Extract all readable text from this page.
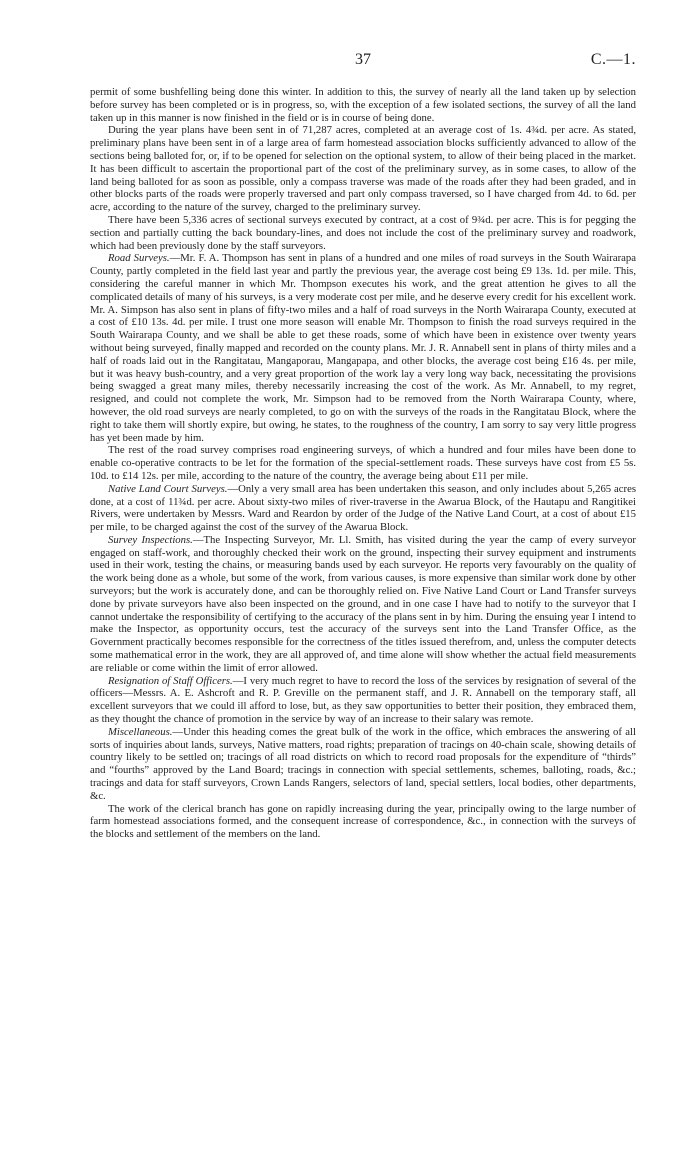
37	C.—1.

permit of some bushfelling being done this winter. In addition to this, the survey of nearly all the land taken up by selection before survey has been completed or is in progress, so, with the exception of a few isolated sections, the survey of all the land taken up in this manner is now finished in the field or is in course of being done.

During the year plans have been sent in of 71,287 acres, completed at an average cost of 1s. 4¾d. per acre. As stated, preliminary plans have been sent in of a large area of farm homestead association blocks sufficiently advanced to allow of the sections being balloted for, or, if to be opened for selection on the optional system, to allow of their being placed in the market. It has been difficult to ascertain the proportional part of the cost of the preliminary survey, as in some cases, to allow of the land being balloted for as soon as possible, only a compass traverse was made of the roads after they had been graded, and in other blocks parts of the roads were properly traversed and part only compass traversed, so I have charged from 4d. to 6d. per acre, according to the nature of the survey, charged to the preliminary survey.

There have been 5,336 acres of sectional surveys executed by contract, at a cost of 9¾d. per acre. This is for pegging the section and partially cutting the back boundary-lines, and does not include the cost of the preliminary survey and roadwork, which had been previously done by the staff surveyors.

Road Surveys.—Mr. F. A. Thompson has sent in plans of a hundred and one miles of road surveys in the South Wairarapa County, partly completed in the field last year and partly the previous year, the average cost being £9 13s. 1d. per mile. This, considering the careful manner in which Mr. Thompson executes his work, and the great attention he gives to all the complicated details of many of his surveys, is a very moderate cost per mile, and he deserve every credit for his excellent work. Mr. A. Simpson has also sent in plans of fifty-two miles and a half of road surveys in the North Wairarapa County, executed at a cost of £10 13s. 4d. per mile. I trust one more season will enable Mr. Thompson to finish the road surveys required in the South Wairarapa County, and we shall be able to get these roads, some of which have been in existence over twenty years without being surveyed, finally mapped and recorded on the county plans. Mr. J. R. Annabell sent in plans of thirty miles and a half of roads laid out in the Rangitatau, Mangaporau, Mangapapa, and other blocks, the average cost being £16 4s. per mile, but it was heavy bush-country, and a very great proportion of the work lay a very long way back, necessitating the provisions being swagged a great many miles, thereby necessarily increasing the cost of the work. As Mr. Annabell, to my regret, resigned, and could not complete the work, Mr. Simpson had to be removed from the North Wairarapa County, where, however, the old road surveys are nearly completed, to go on with the surveys of the roads in the Rangitatau Block, where the right to take them will shortly expire, but owing, he states, to the roughness of the country, I am sorry to say very little progress has yet been made by him.

The rest of the road survey comprises road engineering surveys, of which a hundred and four miles have been done to enable co-operative contracts to be let for the formation of the special-settlement roads. These surveys have cost from £5 5s. 10d. to £14 12s. per mile, according to the nature of the country, the average being about £11 per mile.

Native Land Court Surveys.—Only a very small area has been undertaken this season, and only includes about 5,265 acres done, at a cost of 11¾d. per acre. About sixty-two miles of river-traverse in the Awarua Block, of the Hautapu and Rangitikei Rivers, were undertaken by Messrs. Ward and Reardon by order of the Judge of the Native Land Court, at a cost of about £15 per mile, to be charged against the cost of the survey of the Awarua Block.

Survey Inspections.—The Inspecting Surveyor, Mr. Ll. Smith, has visited during the year the camp of every surveyor engaged on staff-work, and thoroughly checked their work on the ground, inspecting their survey equipment and instruments used in their work, testing the chains, or measuring bands used by each surveyor. He reports very favourably on the quality of the work being done as a whole, but some of the work, from various causes, is more expensive than similar work done by other surveyors; but the work is accurately done, and can be thoroughly relied on. Five Native Land Court or Land Transfer surveys done by private surveyors have also been inspected on the ground, and in one case I have had to notify to the surveyor that I cannot undertake the responsibility of certifying to the accuracy of the plans sent in by him. During the ensuing year I intend to make the Inspector, as opportunity occurs, test the accuracy of the surveys sent into the Land Transfer Office, as the Government practically becomes responsible for the correctness of the titles issued therefrom, and, unless the computer detects some mathematical error in the work, they are all approved of, and time alone will show whether the actual field measurements are reliable or come within the limit of error allowed.

Resignation of Staff Officers.—I very much regret to have to record the loss of the services by resignation of several of the officers—Messrs. A. E. Ashcroft and R. P. Greville on the permanent staff, and J. R. Annabell on the temporary staff, all excellent surveyors that we could ill afford to lose, but, as they saw opportunities to better their position, they embraced them, as they thought the chance of promotion in the service by way of an increase to their salary was remote.

Miscellaneous.—Under this heading comes the great bulk of the work in the office, which embraces the answering of all sorts of inquiries about lands, surveys, Native matters, road rights; preparation of tracings on 40-chain scale, showing details of country likely to be settled on; tracings of all road districts on which to record road proposals for the expenditure of “thirds” and “fourths” approved by the Land Board; tracings in connection with special settlements, schemes, balloting, roads, &c.; tracings and data for staff surveyors, Crown Lands Rangers, selectors of land, special settlers, local bodies, other departments, &c.

The work of the clerical branch has gone on rapidly increasing during the year, principally owing to the large number of farm homestead associations formed, and the consequent increase of correspondence, &c., in connection with the surveys of the blocks and settlement of the members on the land.
